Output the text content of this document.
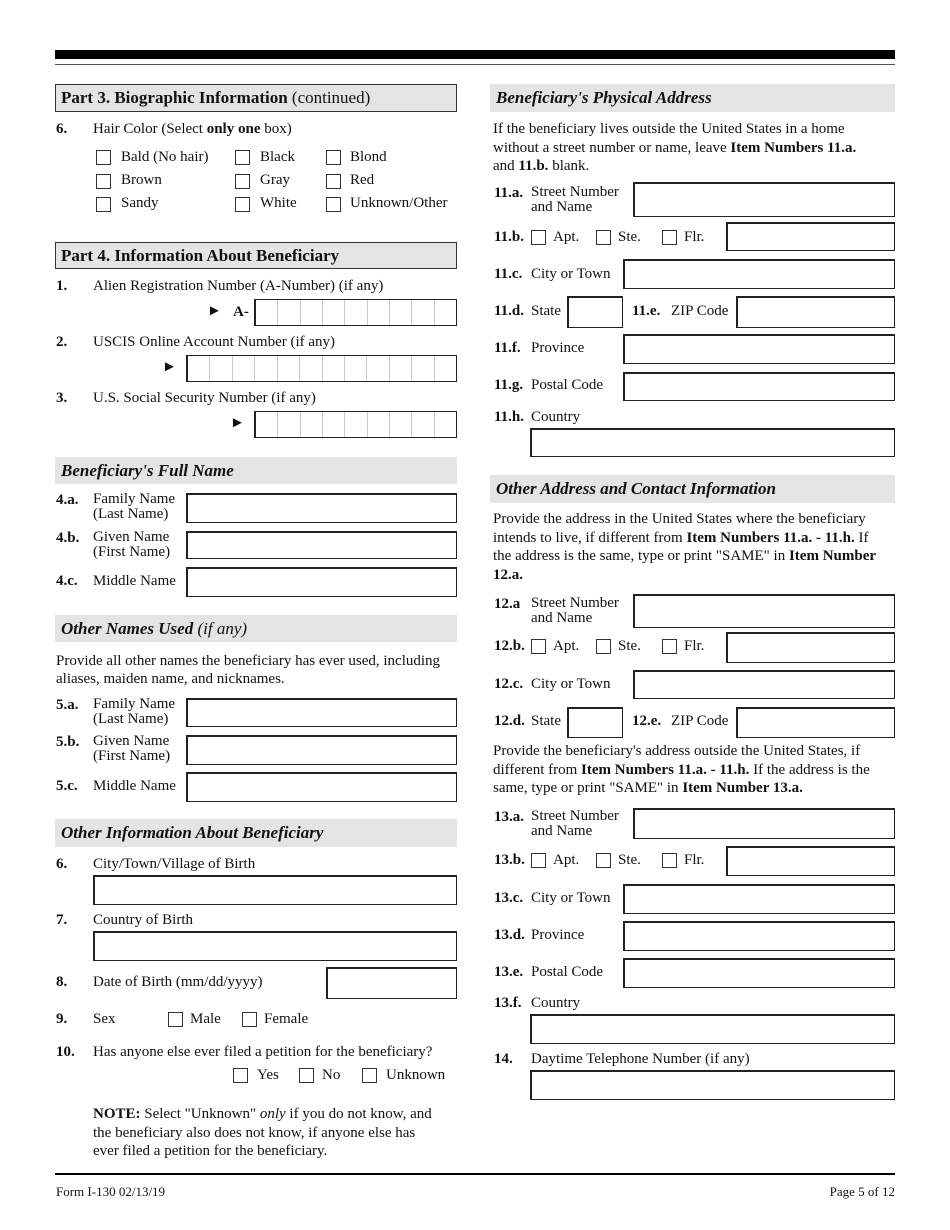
Part 3. Biographic Information (continued)
6. Hair Color (Select only one box)
Bald (No hair)	Black	Blond
Brown	Gray	Red
Sandy	White	Unknown/Other
Part 4. Information About Beneficiary
1. Alien Registration Number (A-Number) (if any)
► A-
2. USCIS Online Account Number (if any)
►
3. U.S. Social Security Number (if any)
►
Beneficiary's Full Name
4.a. Family Name
(Last Name)
4.b. Given Name
(First Name)
4.c. Middle Name
Other Names Used (if any)
Provide all other names the beneficiary has ever used, including
aliases, maiden name, and nicknames.
5.a. Family Name
(Last Name)
5.b. Given Name
(First Name)
5.c. Middle Name
Other Information About Beneficiary
6. City/Town/Village of Birth
7. Country of Birth
8. Date of Birth (mm/dd/yyyy)
9. Sex	Male	Female
10. Has anyone else ever filed a petition for the beneficiary?
Yes	No	Unknown
NOTE: Select "Unknown" only if you do not know, and
the beneficiary also does not know, if anyone else has
ever filed a petition for the beneficiary.
Beneficiary's Physical Address
If the beneficiary lives outside the United States in a home
without a street number or name, leave Item Numbers 11.a.
and 11.b. blank.
11.a. Street Number
and Name
11.b. Apt.	Ste.	Flr.
11.c. City or Town
11.d. State	11.e. ZIP Code
11.f. Province
11.g. Postal Code
11.h. Country
Other Address and Contact Information
Provide the address in the United States where the beneficiary
intends to live, if different from Item Numbers 11.a. - 11.h. If
the address is the same, type or print "SAME" in Item Number
12.a.
12.a Street Number
and Name
12.b. Apt.	Ste.	Flr.
12.c. City or Town
12.d. State	12.e. ZIP Code
Provide the beneficiary's address outside the United States, if
different from Item Numbers 11.a. - 11.h. If the address is the
same, type or print "SAME" in Item Number 13.a.
13.a. Street Number
and Name
13.b. Apt.	Ste.	Flr.
13.c. City or Town
13.d. Province
13.e. Postal Code
13.f. Country
14. Daytime Telephone Number (if any)
Form I-130 02/13/19	Page 5 of 12
